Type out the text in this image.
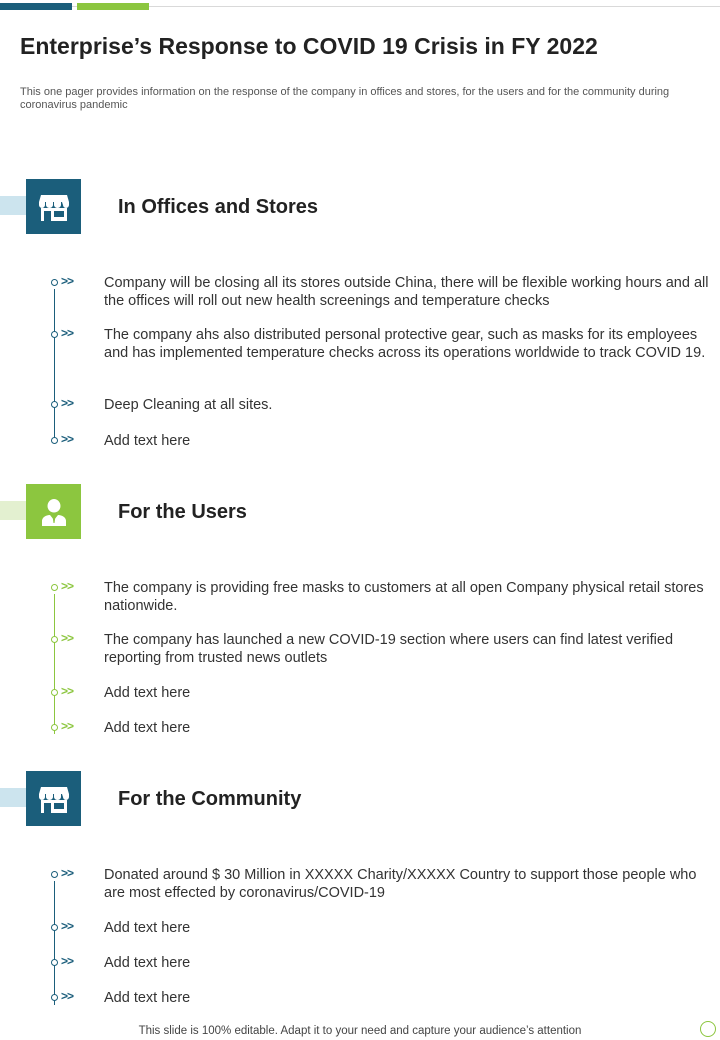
Enterprise’s Response to COVID 19 Crisis in FY 2022

This one pager provides information on the response of the company in offices and stores, for the users and for the community during coronavirus pandemic

In Offices and Stores
>> Company will be closing all its stores outside China, there will be flexible working hours and all the offices will roll out new health screenings and temperature checks
>> The company ahs also distributed personal protective gear, such as masks for its employees and has implemented temperature checks across its operations worldwide to track COVID 19.
>> Deep Cleaning at all sites.
>> Add text here
For the Users
>> The company is providing free masks to customers at all open Company physical retail stores nationwide.
>> The company has launched a new COVID-19 section where users can find latest verified reporting from trusted news outlets
>> Add text here
>> Add text here
For the Community
>> Donated around $ 30 Million in XXXXX Charity/XXXXX Country to support those people who are most effected by coronavirus/COVID-19
>> Add text here
>> Add text here
>> Add text here
This slide is 100% editable. Adapt it to your need and capture your audience’s attention
